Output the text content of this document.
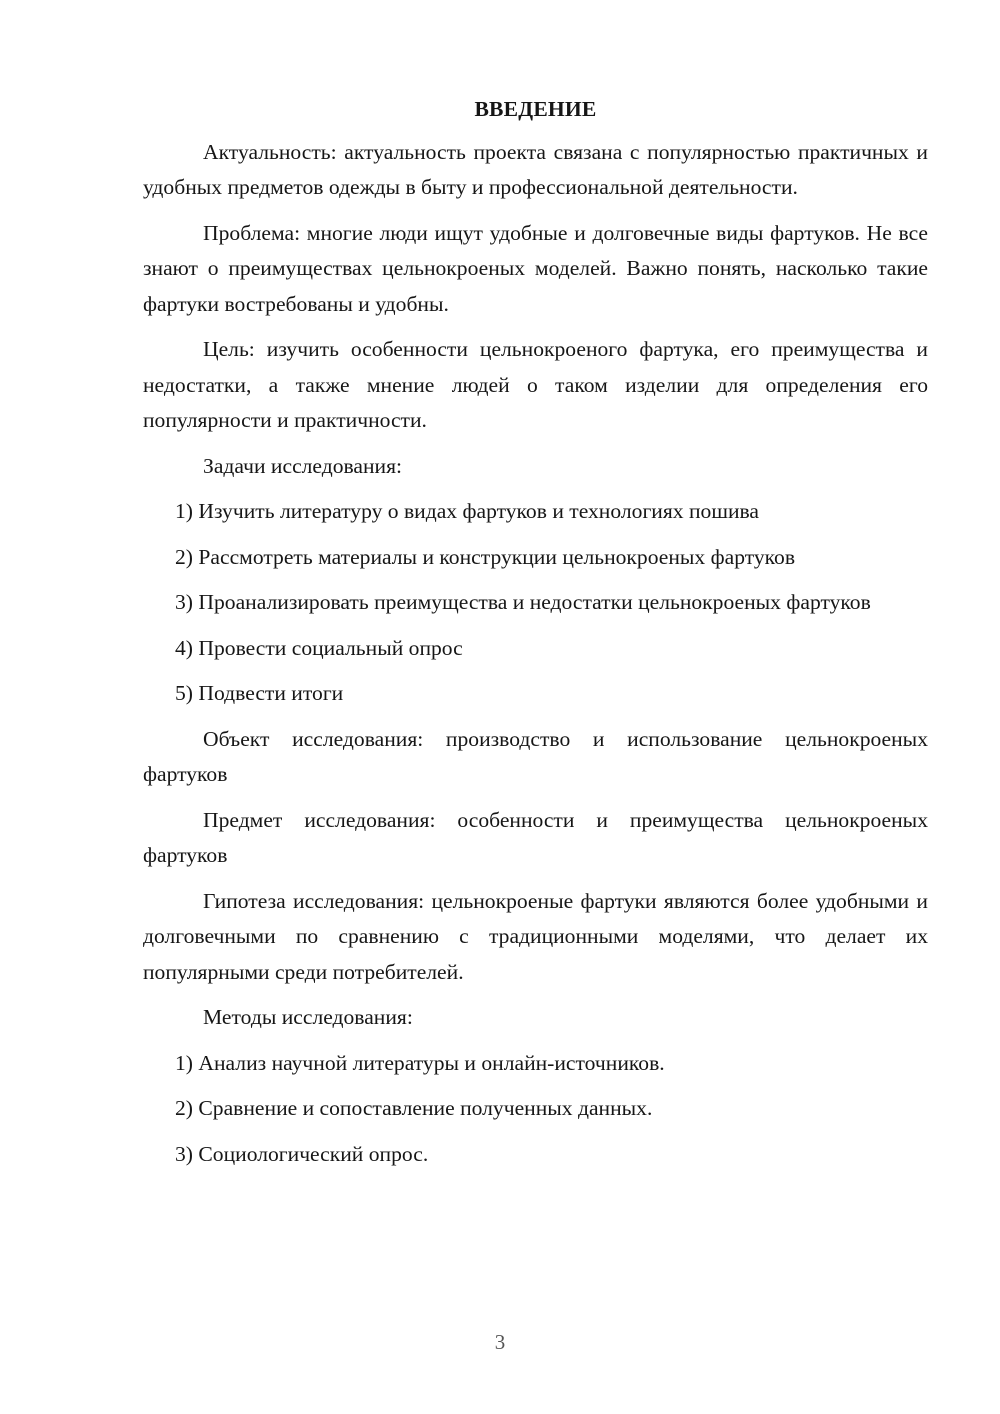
ВВЕДЕНИЕ

Актуальность: актуальность проекта связана с популярностью практичных и удобных предметов одежды в быту и профессиональной деятельности.

Проблема: многие люди ищут удобные и долговечные виды фартуков. Не все знают о преимуществах цельнокроеных моделей. Важно понять, насколько такие фартуки востребованы и удобны.

Цель: изучить особенности цельнокроеного фартука, его преимущества и недостатки, а также мнение людей о таком изделии для определения его популярности и практичности.

Задачи исследования:

1) Изучить литературу о видах фартуков и технологиях пошива

2) Рассмотреть материалы и конструкции цельнокроеных фартуков

3) Проанализировать преимущества и недостатки цельнокроеных фартуков

4) Провести социальный опрос

5) Подвести итоги

Объект исследования: производство и использование цельнокроеных фартуков

Предмет исследования: особенности и преимущества цельнокроеных фартуков

Гипотеза исследования: цельнокроеные фартуки являются более удобными и долговечными по сравнению с традиционными моделями, что делает их популярными среди потребителей.

Методы исследования:

1) Анализ научной литературы и онлайн-источников.

2) Сравнение и сопоставление полученных данных.

3) Социологический опрос.

3
